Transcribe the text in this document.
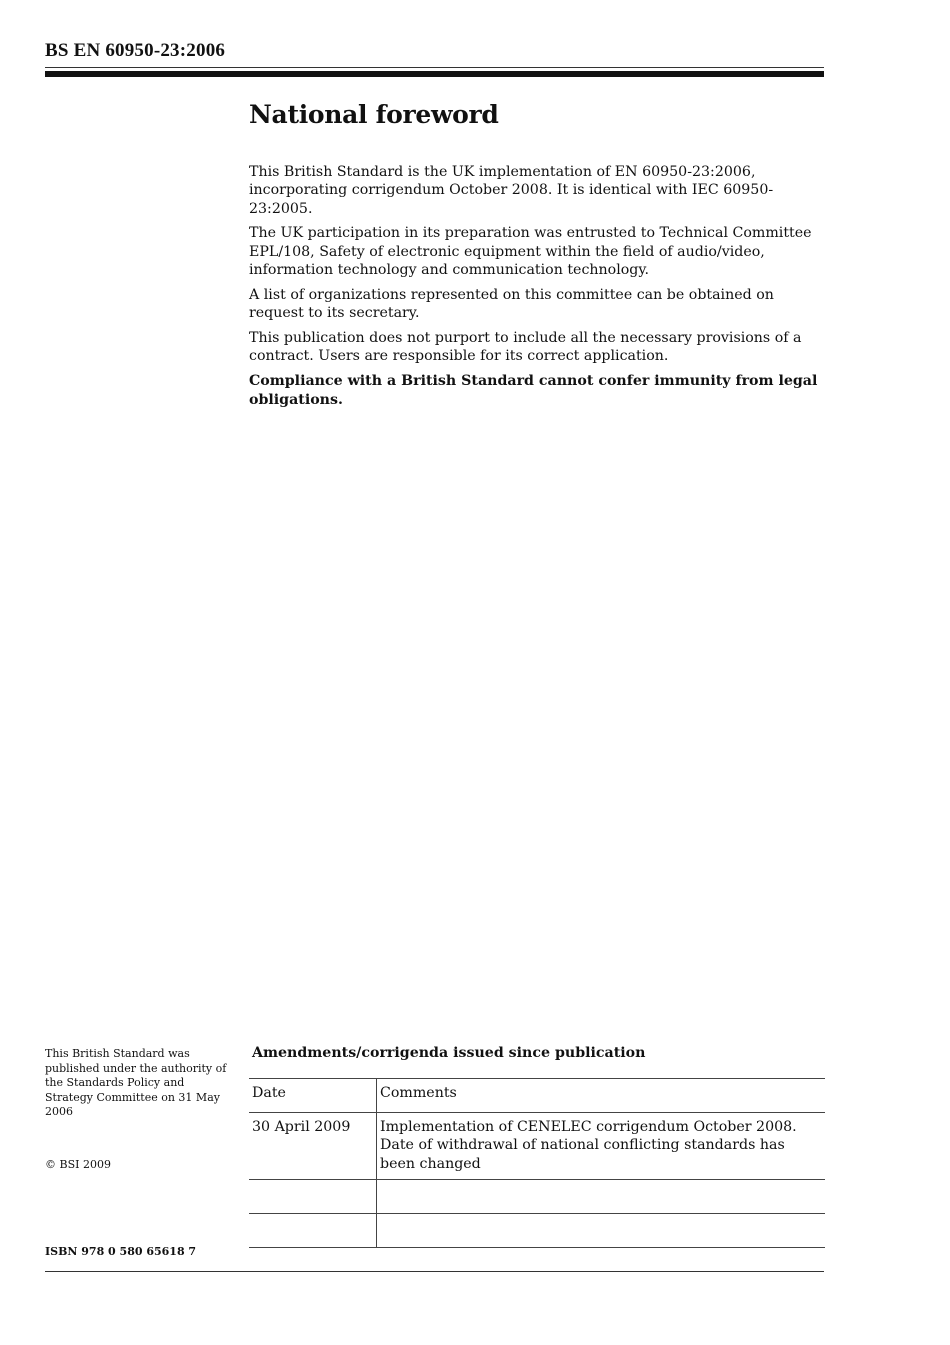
BS EN 60950-23:2006
National foreword

This British Standard is the UK implementation of EN 60950-23:2006, incorporating corrigendum October 2008. It is identical with IEC 60950-23:2005.

The UK participation in its preparation was entrusted to Technical Committee EPL/108, Safety of electronic equipment within the field of audio/video, information technology and communication technology.

A list of organizations represented on this committee can be obtained on request to its secretary.

This publication does not purport to include all the necessary provisions of a contract. Users are responsible for its correct application.

Compliance with a British Standard cannot confer immunity from legal obligations.

This British Standard was published under the authority of the Standards Policy and Strategy Committee on 31 May 2006
© BSI 2009
ISBN 978 0 580 65618 7
Amendments/corrigenda issued since publication
Date	Comments
30 April 2009	Implementation of CENELEC corrigendum October 2008. Date of withdrawal of national conflicting standards has been changed
